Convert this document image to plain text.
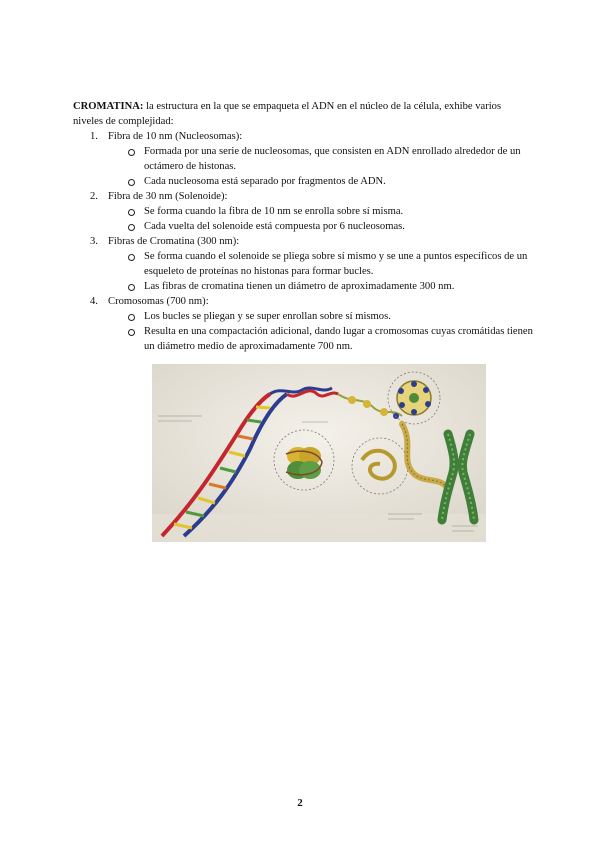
CROMATINA: la estructura en la que se empaqueta el ADN en el núcleo de la célula, exhibe varios niveles de complejidad:

1. Fibra de 10 nm (Nucleosomas):
Formada por una serie de nucleosomas, que consisten en ADN enrollado alrededor de un octámero de histonas.
Cada nucleosoma está separado por fragmentos de ADN.
2. Fibra de 30 nm (Solenoide):
Se forma cuando la fibra de 10 nm se enrolla sobre sí misma.
Cada vuelta del solenoide está compuesta por 6 nucleosomas.
3. Fibras de Cromatina (300 nm):
Se forma cuando el solenoide se pliega sobre sí mismo y se une a puntos específicos de un esqueleto de proteínas no histonas para formar bucles.
Las fibras de cromatina tienen un diámetro de aproximadamente 300 nm.
4. Cromosomas (700 nm):
Los bucles se pliegan y se super enrollan sobre sí mismos.
Resulta en una compactación adicional, dando lugar a cromosomas cuyas cromátidas tienen un diámetro medio de aproximadamente 700 nm.
2
